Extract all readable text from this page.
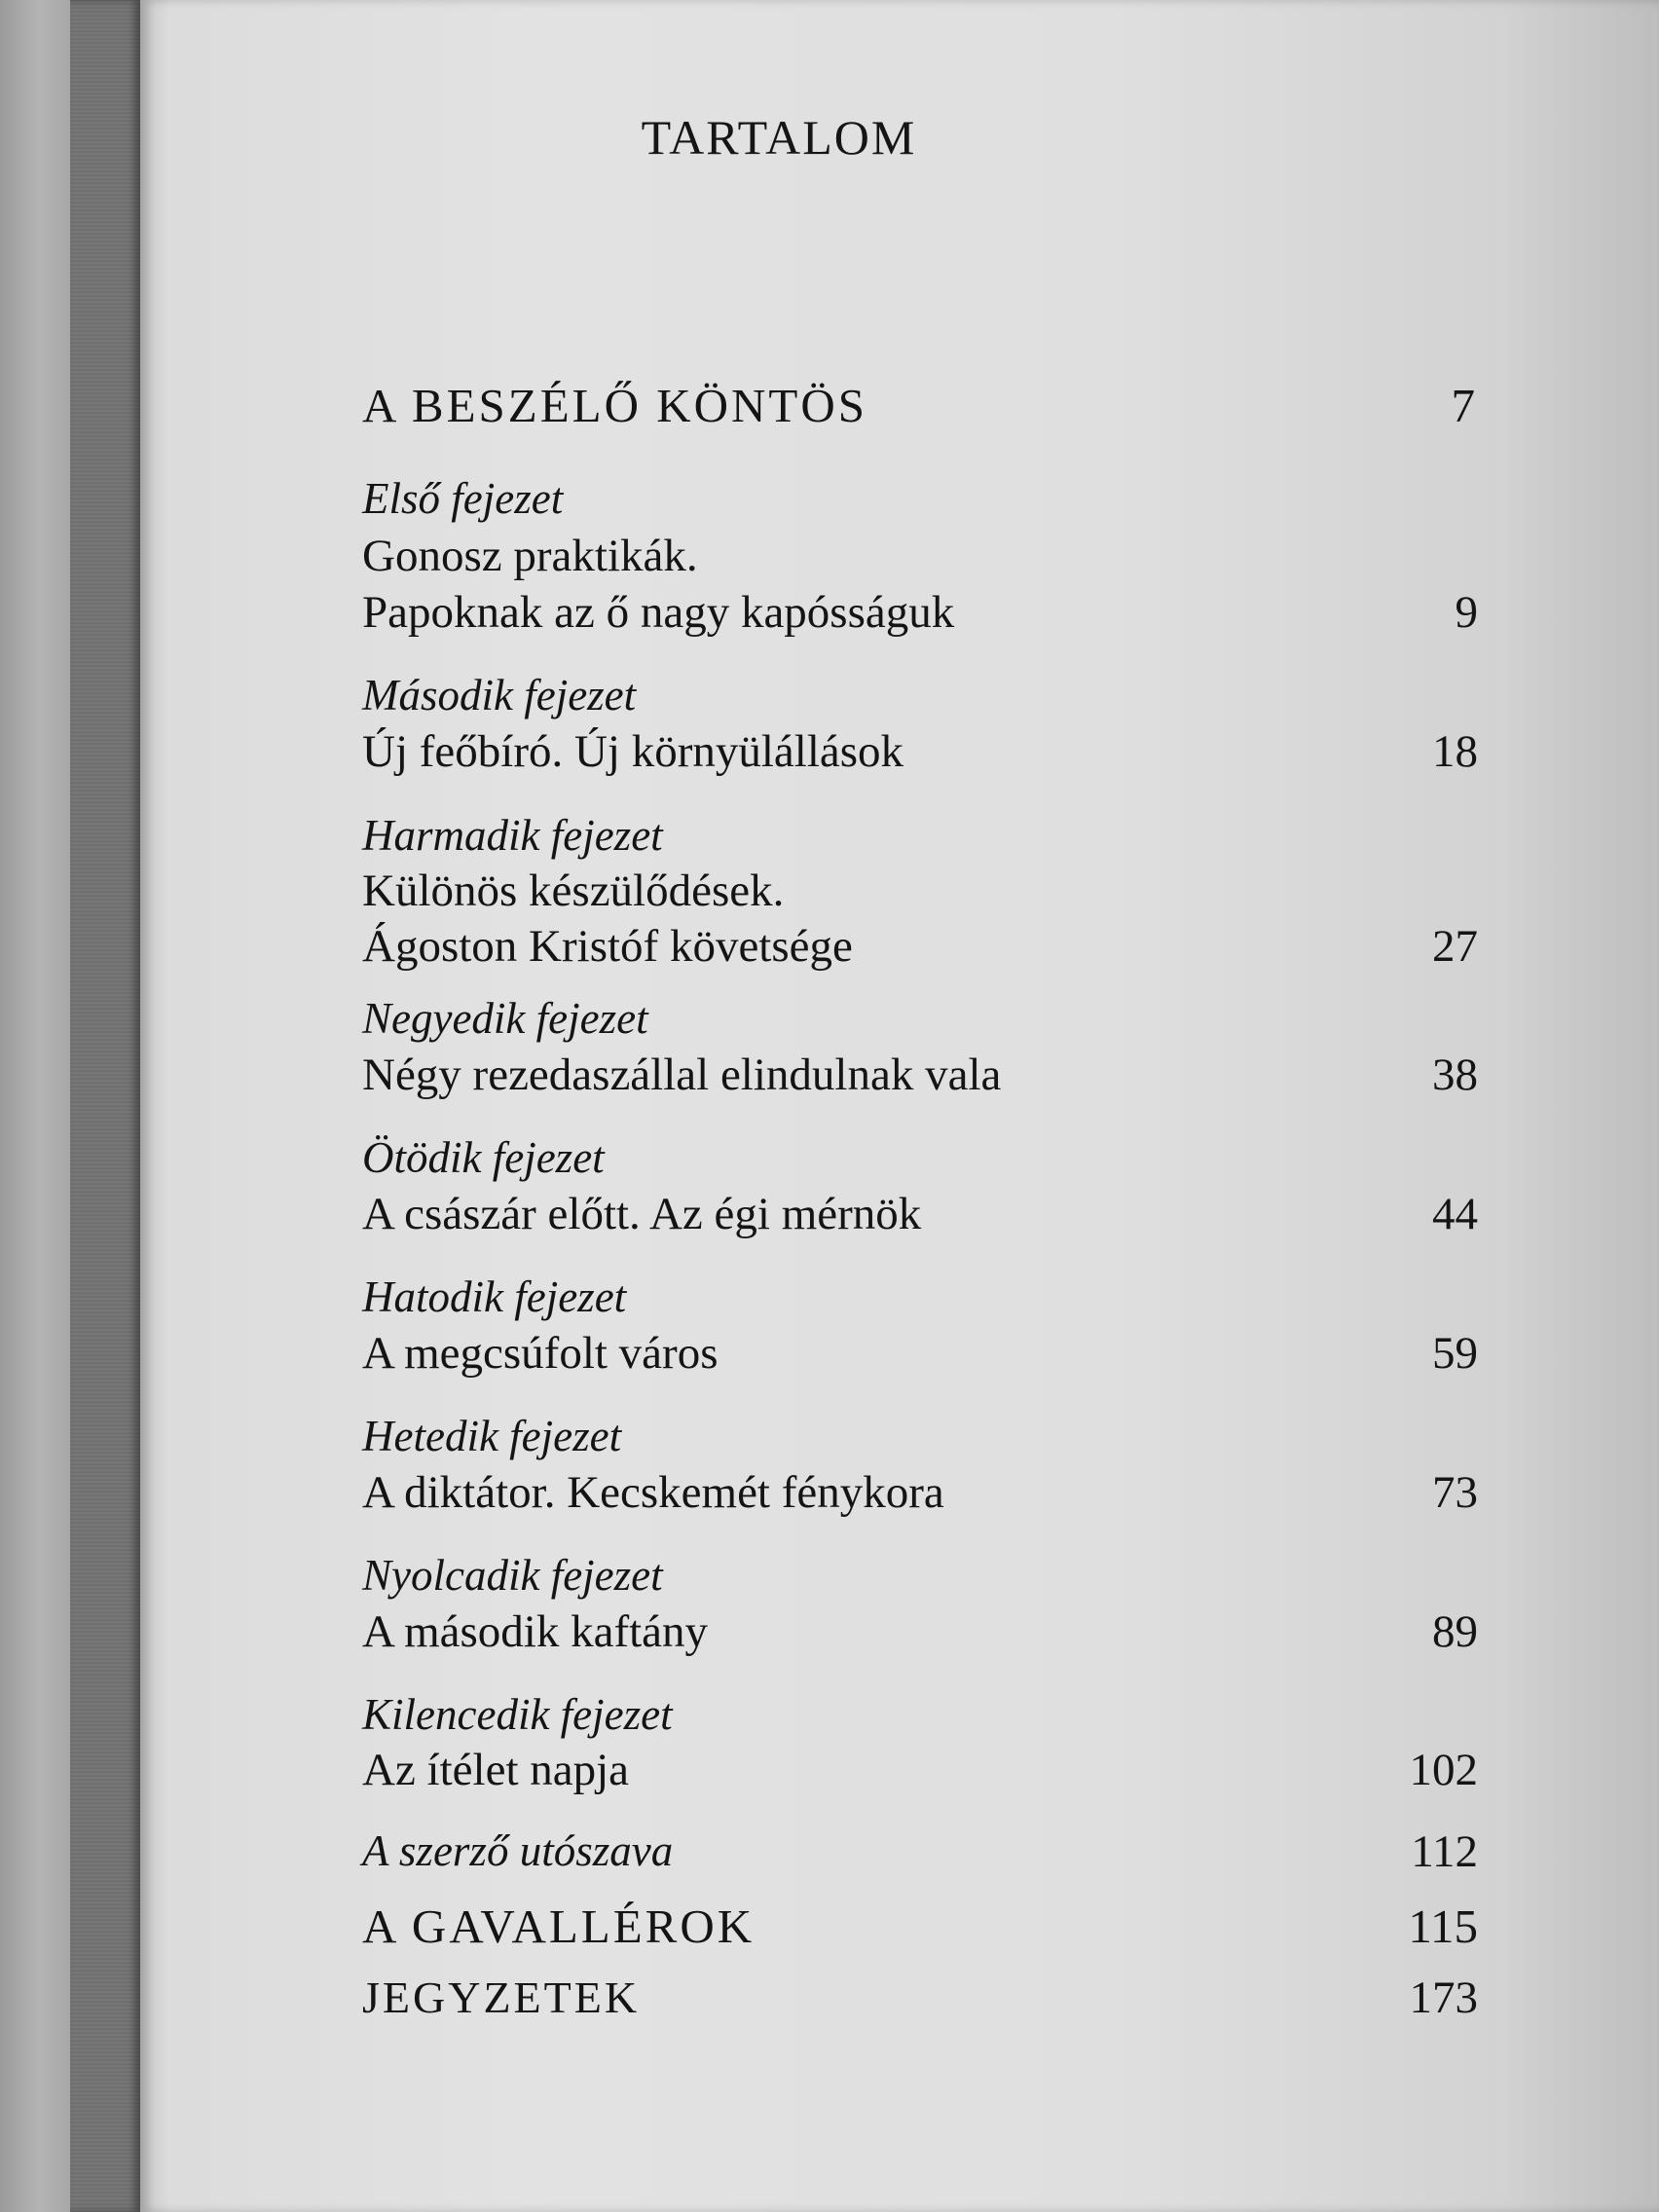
TARTALOM
A BESZÉLŐ KÖNTÖS	7
Első fejezet
Gonosz praktikák.
Papoknak az ő nagy kapósságuk	9
Második fejezet
Új feőbíró. Új környülállások	18
Harmadik fejezet
Különös készülődések.
Ágoston Kristóf követsége	27
Negyedik fejezet
Négy rezedaszállal elindulnak vala	38
Ötödik fejezet
A császár előtt. Az égi mérnök	44
Hatodik fejezet
A megcsúfolt város	59
Hetedik fejezet
A diktátor. Kecskemét fénykora	73
Nyolcadik fejezet
A második kaftány	89
Kilencedik fejezet
Az ítélet napja	102
A szerző utószava	112
A GAVALLÉROK	115
JEGYZETEK	173
